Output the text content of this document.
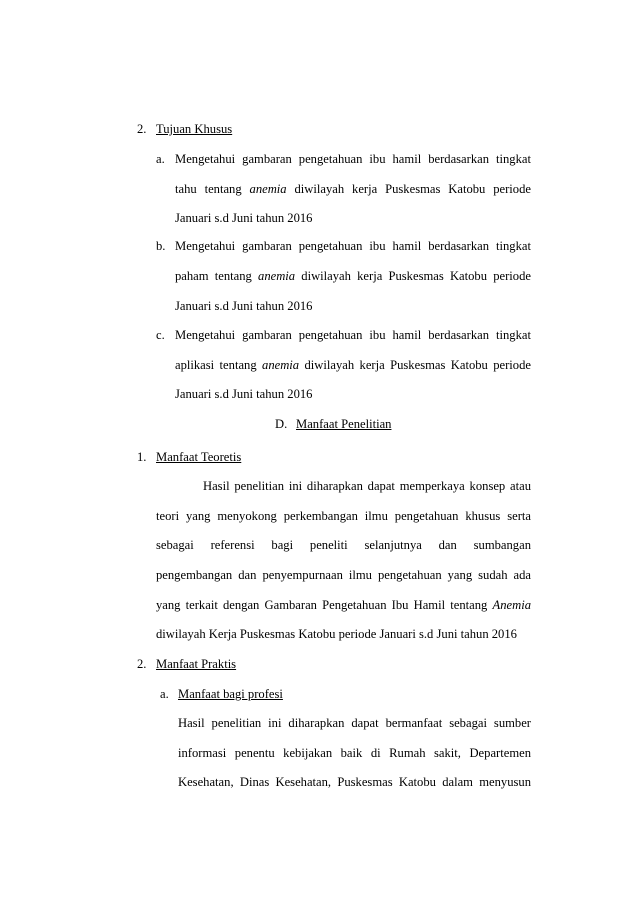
2. Tujuan Khusus
a. Mengetahui gambaran pengetahuan ibu hamil berdasarkan tingkat
tahu tentang anemia diwilayah kerja Puskesmas Katobu periode
Januari s.d Juni tahun 2016
b. Mengetahui gambaran pengetahuan ibu hamil berdasarkan tingkat
paham tentang anemia diwilayah kerja Puskesmas Katobu periode
Januari s.d Juni tahun 2016
c. Mengetahui gambaran pengetahuan ibu hamil berdasarkan tingkat
aplikasi tentang anemia diwilayah kerja Puskesmas Katobu periode
Januari s.d Juni tahun 2016
D. Manfaat Penelitian
1. Manfaat Teoretis
Hasil penelitian ini diharapkan dapat memperkaya konsep atau
teori yang menyokong perkembangan ilmu pengetahuan khusus serta
sebagai referensi bagi peneliti selanjutnya dan sumbangan
pengembangan dan penyempurnaan ilmu pengetahuan yang sudah ada
yang terkait dengan Gambaran Pengetahuan Ibu Hamil tentang Anemia
diwilayah Kerja Puskesmas Katobu periode Januari s.d Juni tahun 2016
2. Manfaat Praktis
a. Manfaat bagi profesi
Hasil penelitian ini diharapkan dapat bermanfaat sebagai sumber
informasi penentu kebijakan baik di Rumah sakit, Departemen
Kesehatan, Dinas Kesehatan, Puskesmas Katobu dalam menyusun
